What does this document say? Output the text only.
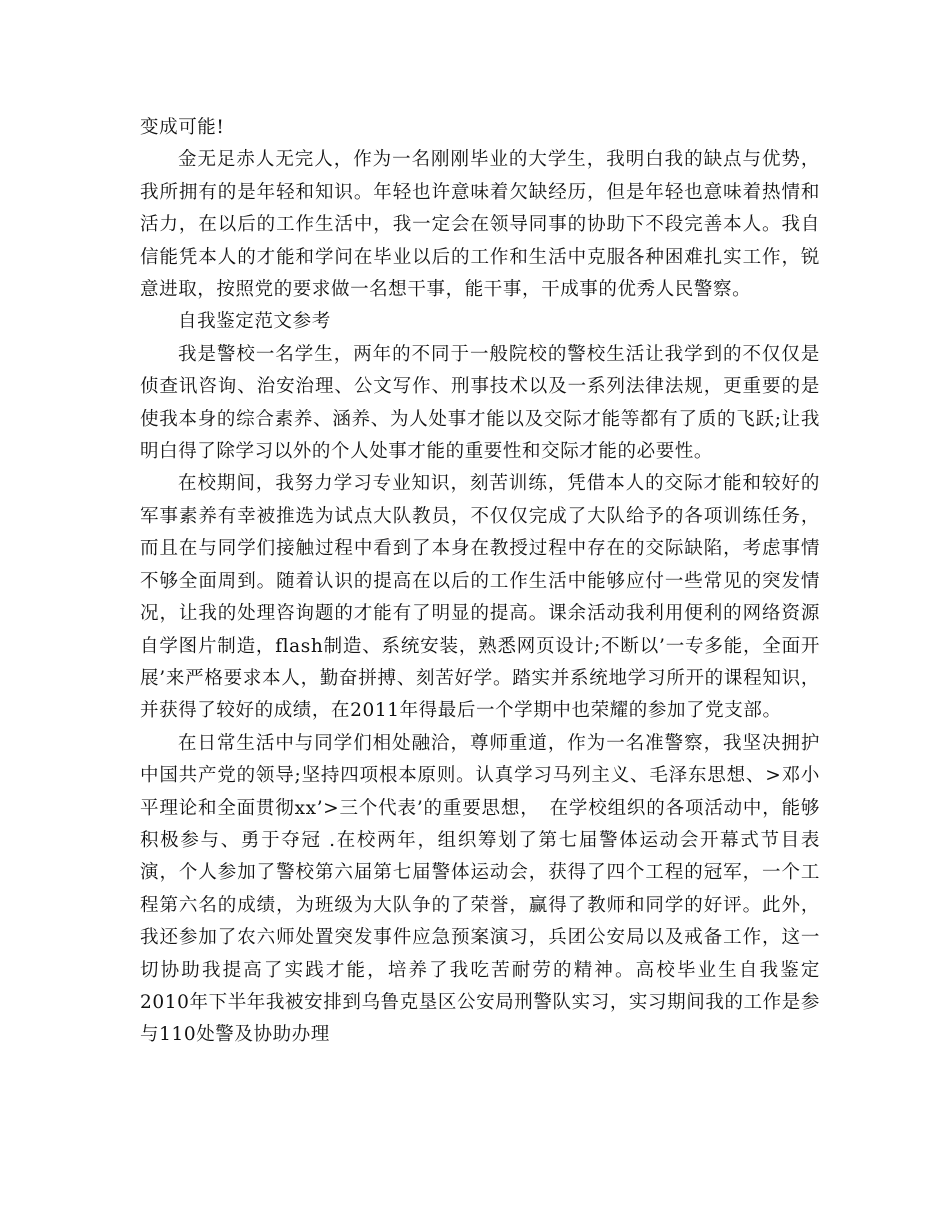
变成可能!

金无足赤人无完人，作为一名刚刚毕业的大学生，我明白我的缺点与优势，我所拥有的是年轻和知识。年轻也许意味着欠缺经历，但是年轻也意味着热情和活力，在以后的工作生活中，我一定会在领导同事的协助下不段完善本人。我自信能凭本人的才能和学问在毕业以后的工作和生活中克服各种困难扎实工作，锐意进取，按照党的要求做一名想干事，能干事，干成事的优秀人民警察。

自我鉴定范文参考

我是警校一名学生，两年的不同于一般院校的警校生活让我学到的不仅仅是侦查讯咨询、治安治理、公文写作、刑事技术以及一系列法律法规，更重要的是使我本身的综合素养、涵养、为人处事才能以及交际才能等都有了质的飞跃;让我明白得了除学习以外的个人处事才能的重要性和交际才能的必要性。

在校期间，我努力学习专业知识，刻苦训练，凭借本人的交际才能和较好的军事素养有幸被推选为试点大队教员，不仅仅完成了大队给予的各项训练任务，而且在与同学们接触过程中看到了本身在教授过程中存在的交际缺陷，考虑事情不够全面周到。随着认识的提高在以后的工作生活中能够应付一些常见的突发情况，让我的处理咨询题的才能有了明显的提高。课余活动我利用便利的网络资源自学图片制造，flash制造、系统安装，熟悉网页设计;不断以’一专多能，全面开展’来严格要求本人，勤奋拼搏、刻苦好学。踏实并系统地学习所开的课程知识，并获得了较好的成绩，在2011年得最后一个学期中也荣耀的参加了党支部。

在日常生活中与同学们相处融洽，尊师重道，作为一名准警察，我坚决拥护中国共产党的领导;坚持四项根本原则。认真学习马列主义、毛泽东思想、>邓小平理论和全面贯彻xx’>三个代表’的重要思想，　在学校组织的各项活动中，能够积极参与、勇于夺冠 .在校两年，组织筹划了第七届警体运动会开幕式节目表演，个人参加了警校第六届第七届警体运动会，获得了四个工程的冠军，一个工程第六名的成绩，为班级为大队争的了荣誉，赢得了教师和同学的好评。此外，我还参加了农六师处置突发事件应急预案演习，兵团公安局以及戒备工作，这一切协助我提高了实践才能，培养了我吃苦耐劳的精神。高校毕业生自我鉴定 2010年下半年我被安排到乌鲁克垦区公安局刑警队实习，实习期间我的工作是参与110处警及协助办理
